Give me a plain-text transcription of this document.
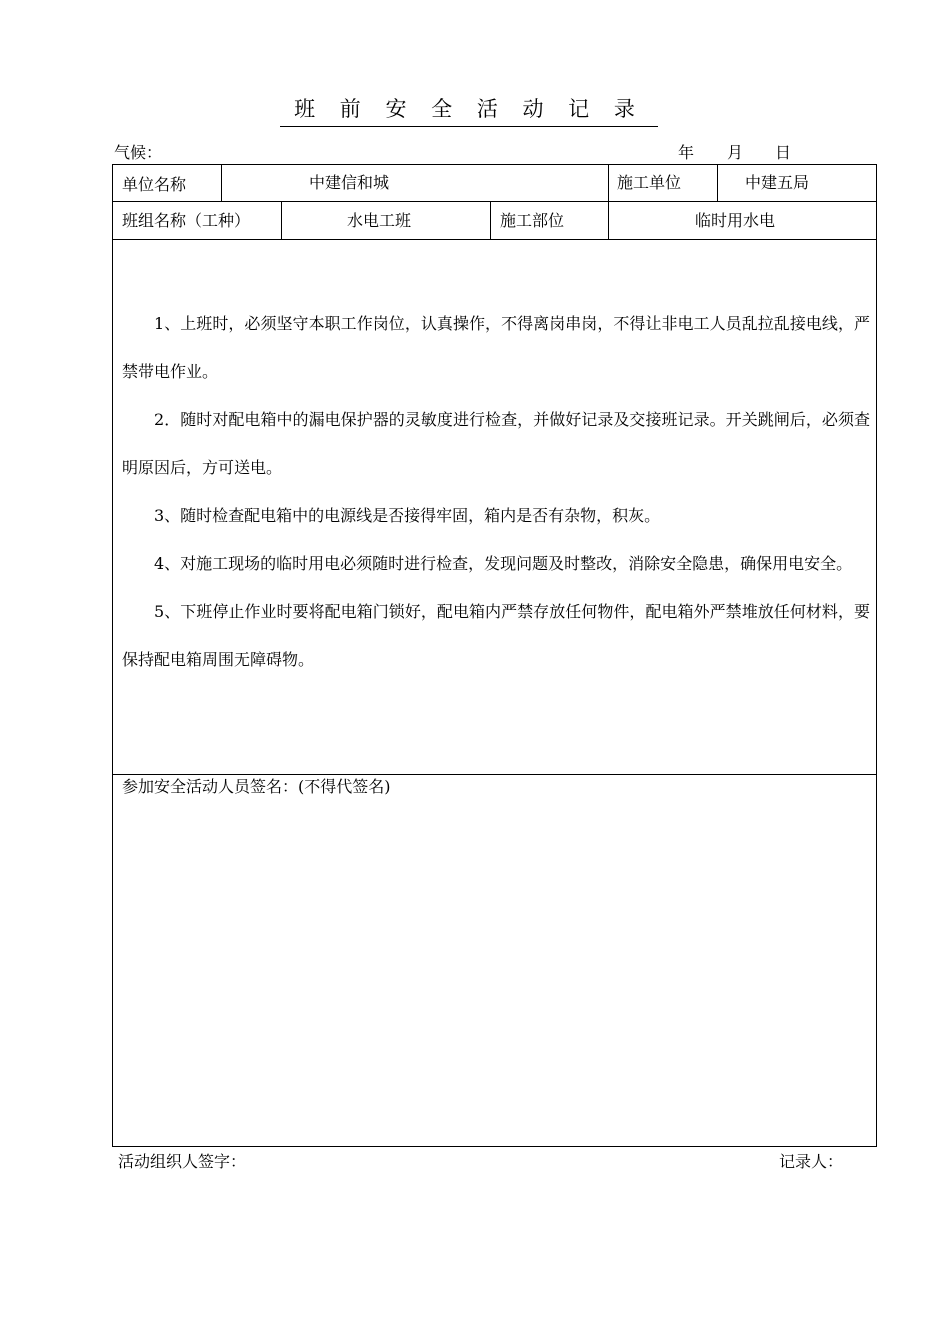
班 前 安 全 活 动 记 录
气候：	年 月 日
单位名称	中建信和城	施工单位	中建五局
班组名称（工种）	水电工班	施工部位	临时用水电
参加安全活动人员签名：(不得代签名)

1、上班时，必须坚守本职工作岗位，认真操作，不得离岗串岗，不得让非电工人员乱拉乱接电线，严禁带电作业。

2．随时对配电箱中的漏电保护器的灵敏度进行检查，并做好记录及交接班记录。开关跳闸后，必须查明原因后，方可送电。

3、随时检查配电箱中的电源线是否接得牢固，箱内是否有杂物，积灰。

4、对施工现场的临时用电必须随时进行检查，发现问题及时整改，消除安全隐患，确保用电安全。

5、下班停止作业时要将配电箱门锁好，配电箱内严禁存放任何物件，配电箱外严禁堆放任何材料，要保持配电箱周围无障碍物。

活动组织人签字：	记录人：
